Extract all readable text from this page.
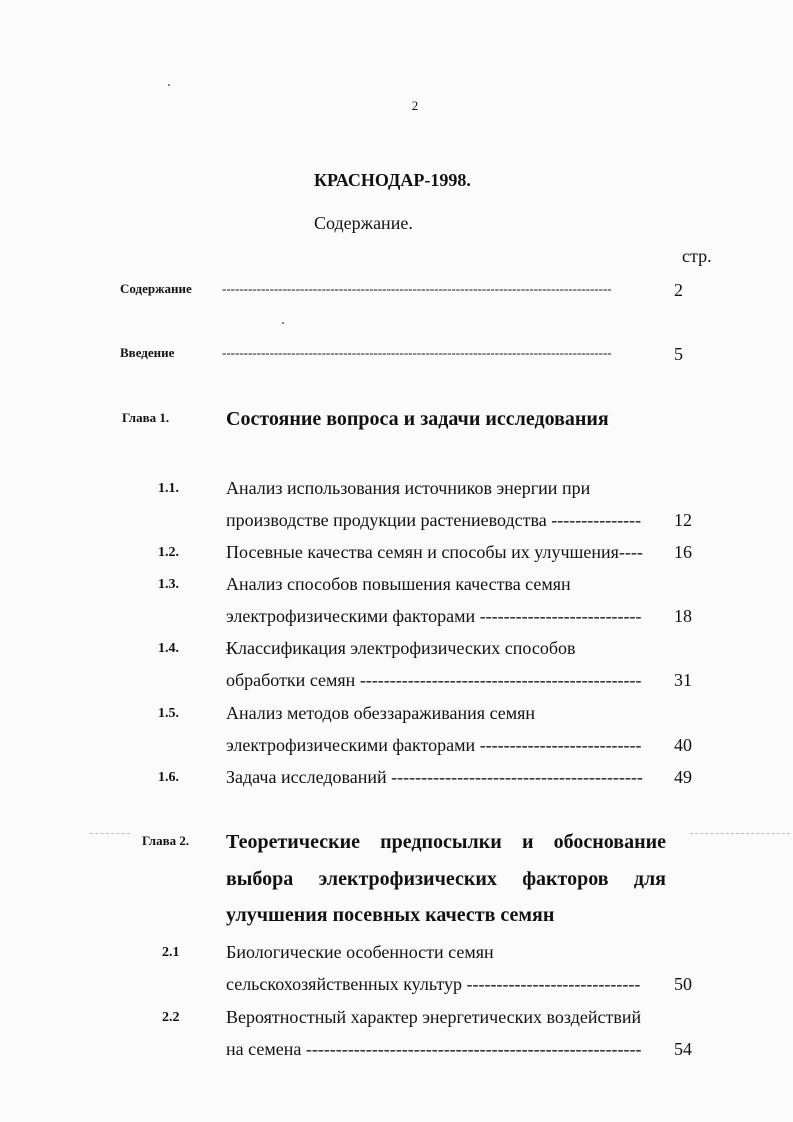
2
КРАСНОДАР-1998.
Содержание.
стр.
Содержание ------------------------------------------------------------------------------------------	2
Введение	------------------------------------------------------------------------------------------	5
Глава 1.	Состояние вопроса и задачи исследования
1.1.	Анализ использования источников энергии при
производстве продукции растениеводства --------------- 12
1.2.	Посевные качества семян и способы их улучшения---- 16
1.3.	Анализ способов повышения качества семян
электрофизическими факторами --------------------------- 18
1.4.	Классификация электрофизических способов
обработки семян ----------------------------------------------- 31
1.5.	Анализ методов обеззараживания семян
электрофизическими факторами --------------------------- 40
1.6.	Задача исследований ------------------------------------------ 49
Глава 2. Теоретические предпосылки и обоснование
выбора электрофизических факторов для
улучшения посевных качеств семян
2.1	Биологические особенности семян
сельскохозяйственных культур ----------------------------- 50
2.2	Вероятностный характер энергетических воздействий
на семена -------------------------------------------------------- 54
